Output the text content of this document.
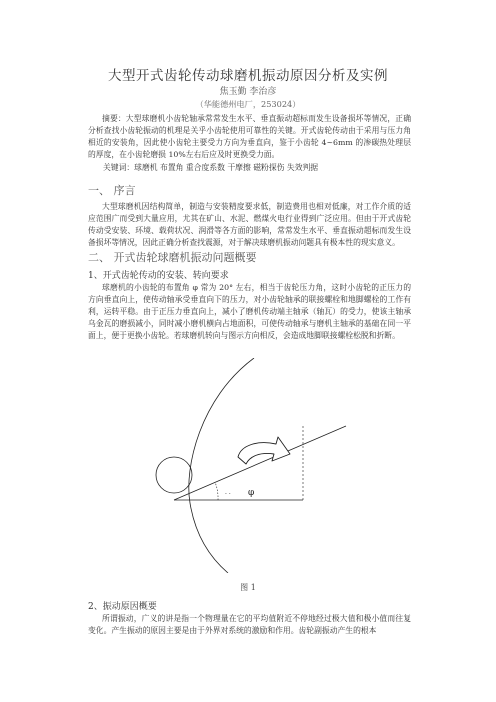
大型开式齿轮传动球磨机振动原因分析及实例
焦玉勤 李治彦
（华能德州电厂，253024）
摘要：大型球磨机小齿轮轴承常常发生水平、垂直振动超标而发生设备损坏等情况，正确分析查找小齿轮振动的机理是关乎小齿轮使用可靠性的关键。开式齿轮传动由于采用与压力角相近的安装角，因此使小齿轮主要受力方向为垂直向，鉴于小齿轮 4~6mm 的渗碳热处理层的厚度，在小齿轮磨损 10%左右后应及时更换受力面。
关键词：球磨机 布置角 重合度系数 干摩擦 磁粉探伤 失效判据
一、 序言
大型球磨机因结构简单，制造与安装精度要求低，制造费用也相对低廉，对工作介质的适应范围广而受到大量应用，尤其在矿山、水泥、燃煤火电行业得到广泛应用。但由于开式齿轮传动受安装、环境、载荷状况、润滑等各方面的影响，常常发生水平、垂直振动超标而发生设备损坏等情况，因此正确分析查找震源，对于解决球磨机振动问题具有极本性的现实意义。
二、 开式齿轮球磨机振动问题概要
1、开式齿轮传动的安装、转向要求
球磨机的小齿轮的布置角 φ 常为 20° 左右，相当于齿轮压力角，这时小齿轮的正压力的方向垂直向上，使传动轴承受垂直向下的压力，对小齿轮轴承的联接螺栓和地脚螺栓的工作有利，运转平稳。由于正压力垂直向上，减小了磨机传动端主轴承（轴瓦）的受力，使该主轴承乌金瓦的磨损减小，同时减小磨机横向占地面积，可使传动轴承与磨机主轴承的基础在同一平面上，便于更换小齿轮。若球磨机转向与图示方向相反，会造成地脚联接螺栓松脱和折断。
· · φ
图 1
2、振动原因概要
所谓振动，广义的讲是指一个物理量在它的平均值附近不停地经过极大值和极小值而往复变化。产生振动的原因主要是由于外界对系统的激励和作用。齿轮副振动产生的根本
